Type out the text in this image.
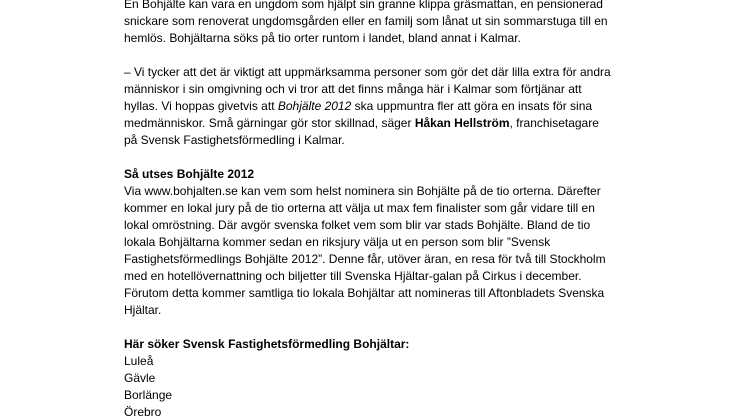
En Bohjälte kan vara en ungdom som hjälpt sin granne klippa gräsmattan, en pensionerad
snickare som renoverat ungdomsgården eller en familj som lånat ut sin sommarstuga till en
hemlös. Bohjältarna söks på tio orter runtom i landet, bland annat i Kalmar.
– Vi tycker att det är viktigt att uppmärksamma personer som gör det där lilla extra för andra
människor i sin omgivning och vi tror att det finns många här i Kalmar som förtjänar att
hyllas. Vi hoppas givetvis att Bohjälte 2012 ska uppmuntra fler att göra en insats för sina
medmänniskor. Små gärningar gör stor skillnad, säger Håkan Hellström, franchisetagare
på Svensk Fastighetsförmedling i Kalmar.
Så utses Bohjälte 2012
Via www.bohjalten.se kan vem som helst nominera sin Bohjälte på de tio orterna. Därefter
kommer en lokal jury på de tio orterna att välja ut max fem finalister som går vidare till en
lokal omröstning. Där avgör svenska folket vem som blir var stads Bohjälte. Bland de tio
lokala Bohjältarna kommer sedan en riksjury välja ut en person som blir ”Svensk
Fastighetsförmedlings Bohjälte 2012”. Denne får, utöver äran, en resa för två till Stockholm
med en hotellövernattning och biljetter till Svenska Hjältar-galan på Cirkus i december.
Förutom detta kommer samtliga tio lokala Bohjältar att nomineras till Aftonbladets Svenska
Hjältar.
Här söker Svensk Fastighetsförmedling Bohjältar:
Luleå
Gävle
Borlänge
Örebro
